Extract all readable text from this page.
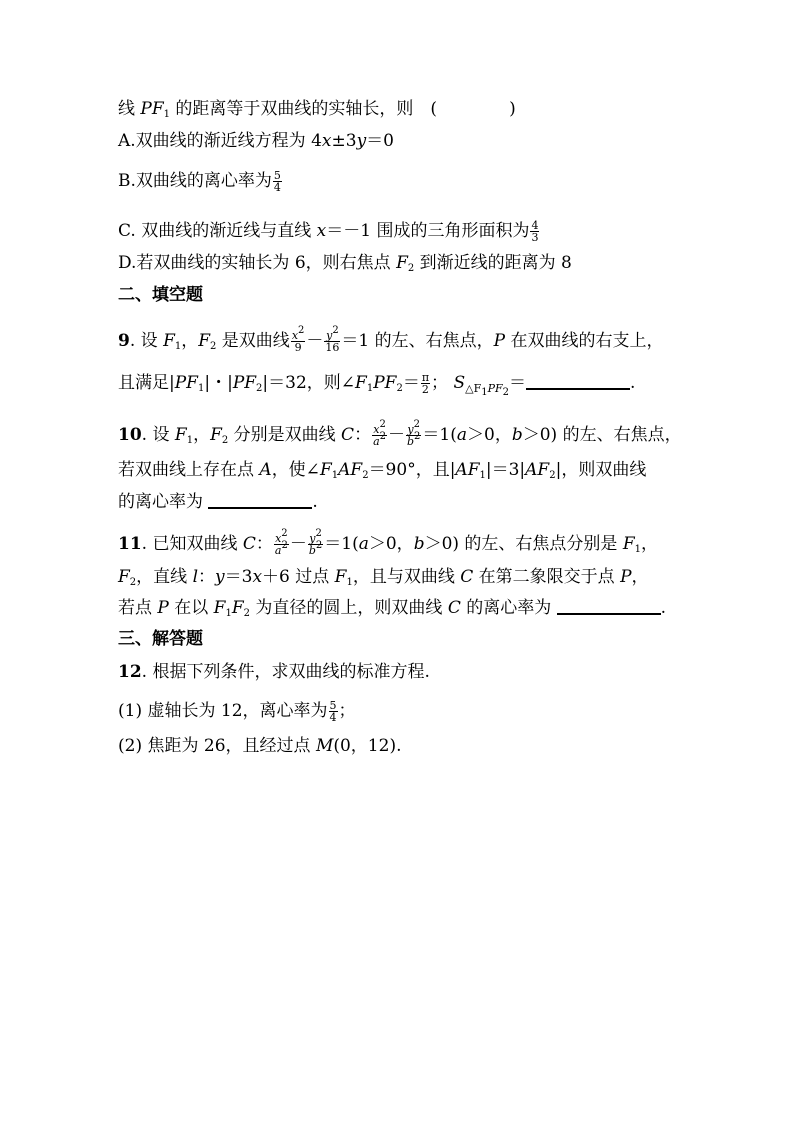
线 $PF_1$ 的距离等于双曲线的实轴长，则　(	)
A.双曲线的渐近线方程为 4x±3y＝0
B.双曲线的离心率为 $\frac{5}{4}$
C. 双曲线的渐近线与直线 x＝－1 围成的三角形面积为 $\frac{4}{3}$
D.若双曲线的实轴长为 6，则右焦点 $F_2$ 到渐近线的距离为 8
二、填空题
9. 设 $F_1$，$F_2$ 是双曲线 $\frac{x^2}{9} - \frac{y^2}{16} =1$ 的左、右焦点，P 在双曲线的右支上，
且满足$|PF_1|$・$|PF_2|=32$，则$\angle F_1PF_2= \frac{\pi}{2}$ ； $S_{\triangle F_1PF_2}=$	.
10. 设 $F_1$，$F_2$ 分别是双曲线 C： $\frac{x^2}{a^2} - \frac{y^2}{b^2} =1(a>0$，b＞0) 的左、右焦点，
若双曲线上存在点 A，使$\angle F_1AF_2=90^\circ$，且$|AF_1|=3|AF_2|$，则双曲线
的离心率为	.
11. 已知双曲线 C： $\frac{x^2}{a^2} - \frac{y^2}{b^2} =1(a>0$，b＞0) 的左、右焦点分别是 $F_1$，
$F_2$，直线 l：y＝3x＋6 过点 $F_1$，且与双曲线 C 在第二象限交于点 P，
若点 P 在以 $F_1F_2$ 为直径的圆上，则双曲线 C 的离心率为	.
三、解答题
12. 根据下列条件，求双曲线的标准方程.
(1) 虚轴长为 12，离心率为 $\frac{5}{4}$ ；
(2) 焦距为 26，且经过点 M(0，12).
